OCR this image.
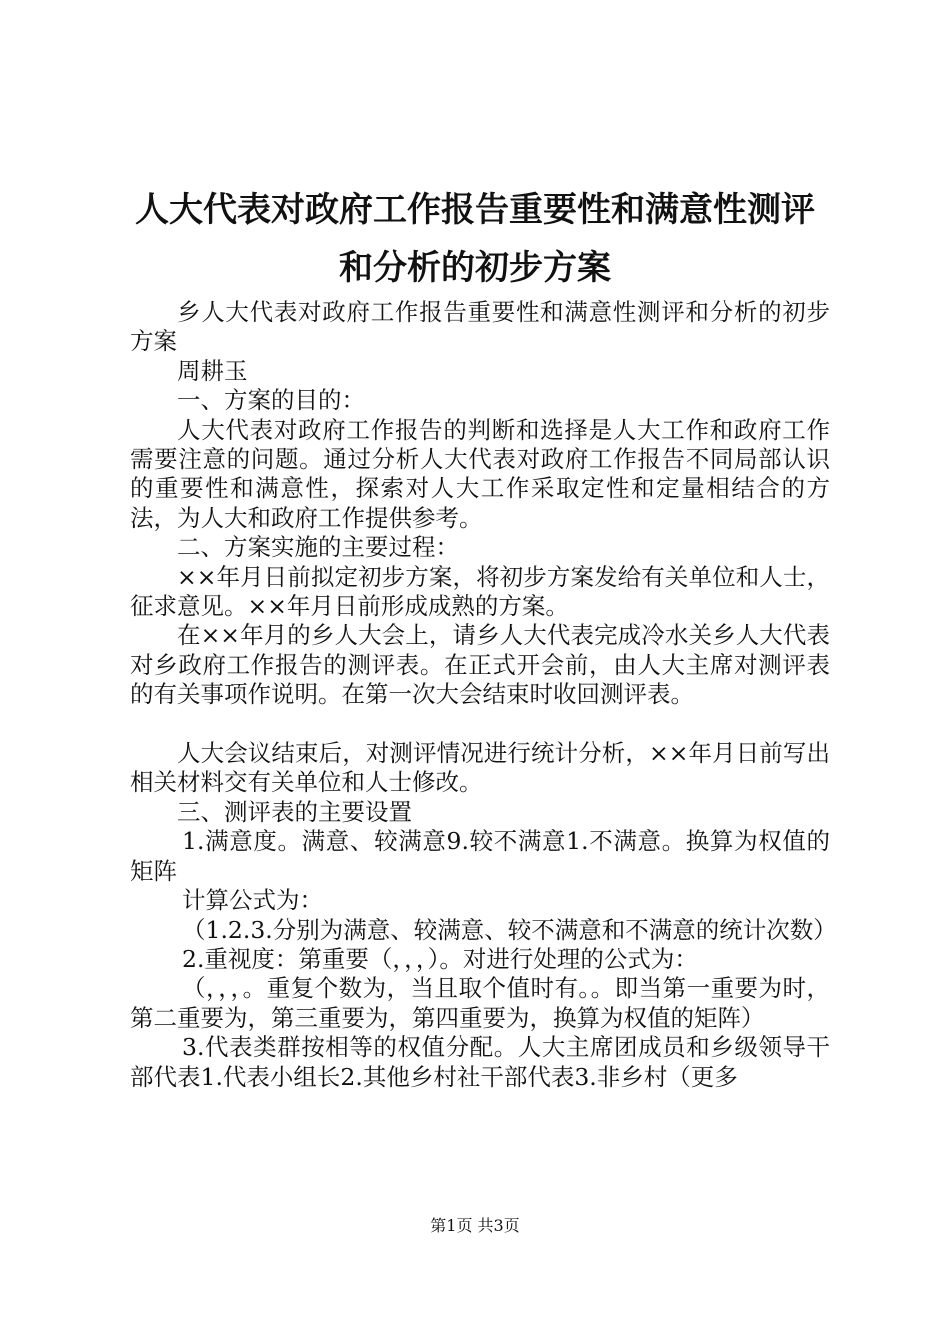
人大代表对政府工作报告重要性和满意性测评
和分析的初步方案

乡人大代表对政府工作报告重要性和满意性测评和分析的初步方案

周耕玉

一、方案的目的：

人大代表对政府工作报告的判断和选择是人大工作和政府工作需要注意的问题。通过分析人大代表对政府工作报告不同局部认识的重要性和满意性，探索对人大工作采取定性和定量相结合的方法，为人大和政府工作提供参考。

二、方案实施的主要过程：

××年月日前拟定初步方案，将初步方案发给有关单位和人士，征求意见。××年月日前形成成熟的方案。

在××年月的乡人大会上，请乡人大代表完成冷水关乡人大代表对乡政府工作报告的测评表。在正式开会前，由人大主席对测评表的有关事项作说明。在第一次大会结束时收回测评表。

人大会议结束后，对测评情况进行统计分析，××年月日前写出相关材料交有关单位和人士修改。

三、测评表的主要设置

1.满意度。满意、较满意9.较不满意1.不满意。换算为权值的矩阵

计算公式为：

（1.2.3.分别为满意、较满意、较不满意和不满意的统计次数）

2.重视度：第重要（，，，）。对进行处理的公式为：

（，，，。重复个数为，当且取个值时有。。即当第一重要为时，第二重要为，第三重要为，第四重要为，换算为权值的矩阵）

3.代表类群按相等的权值分配。人大主席团成员和乡级领导干部代表1.代表小组长2.其他乡村社干部代表3.非乡村（更多

第1页 共3页
